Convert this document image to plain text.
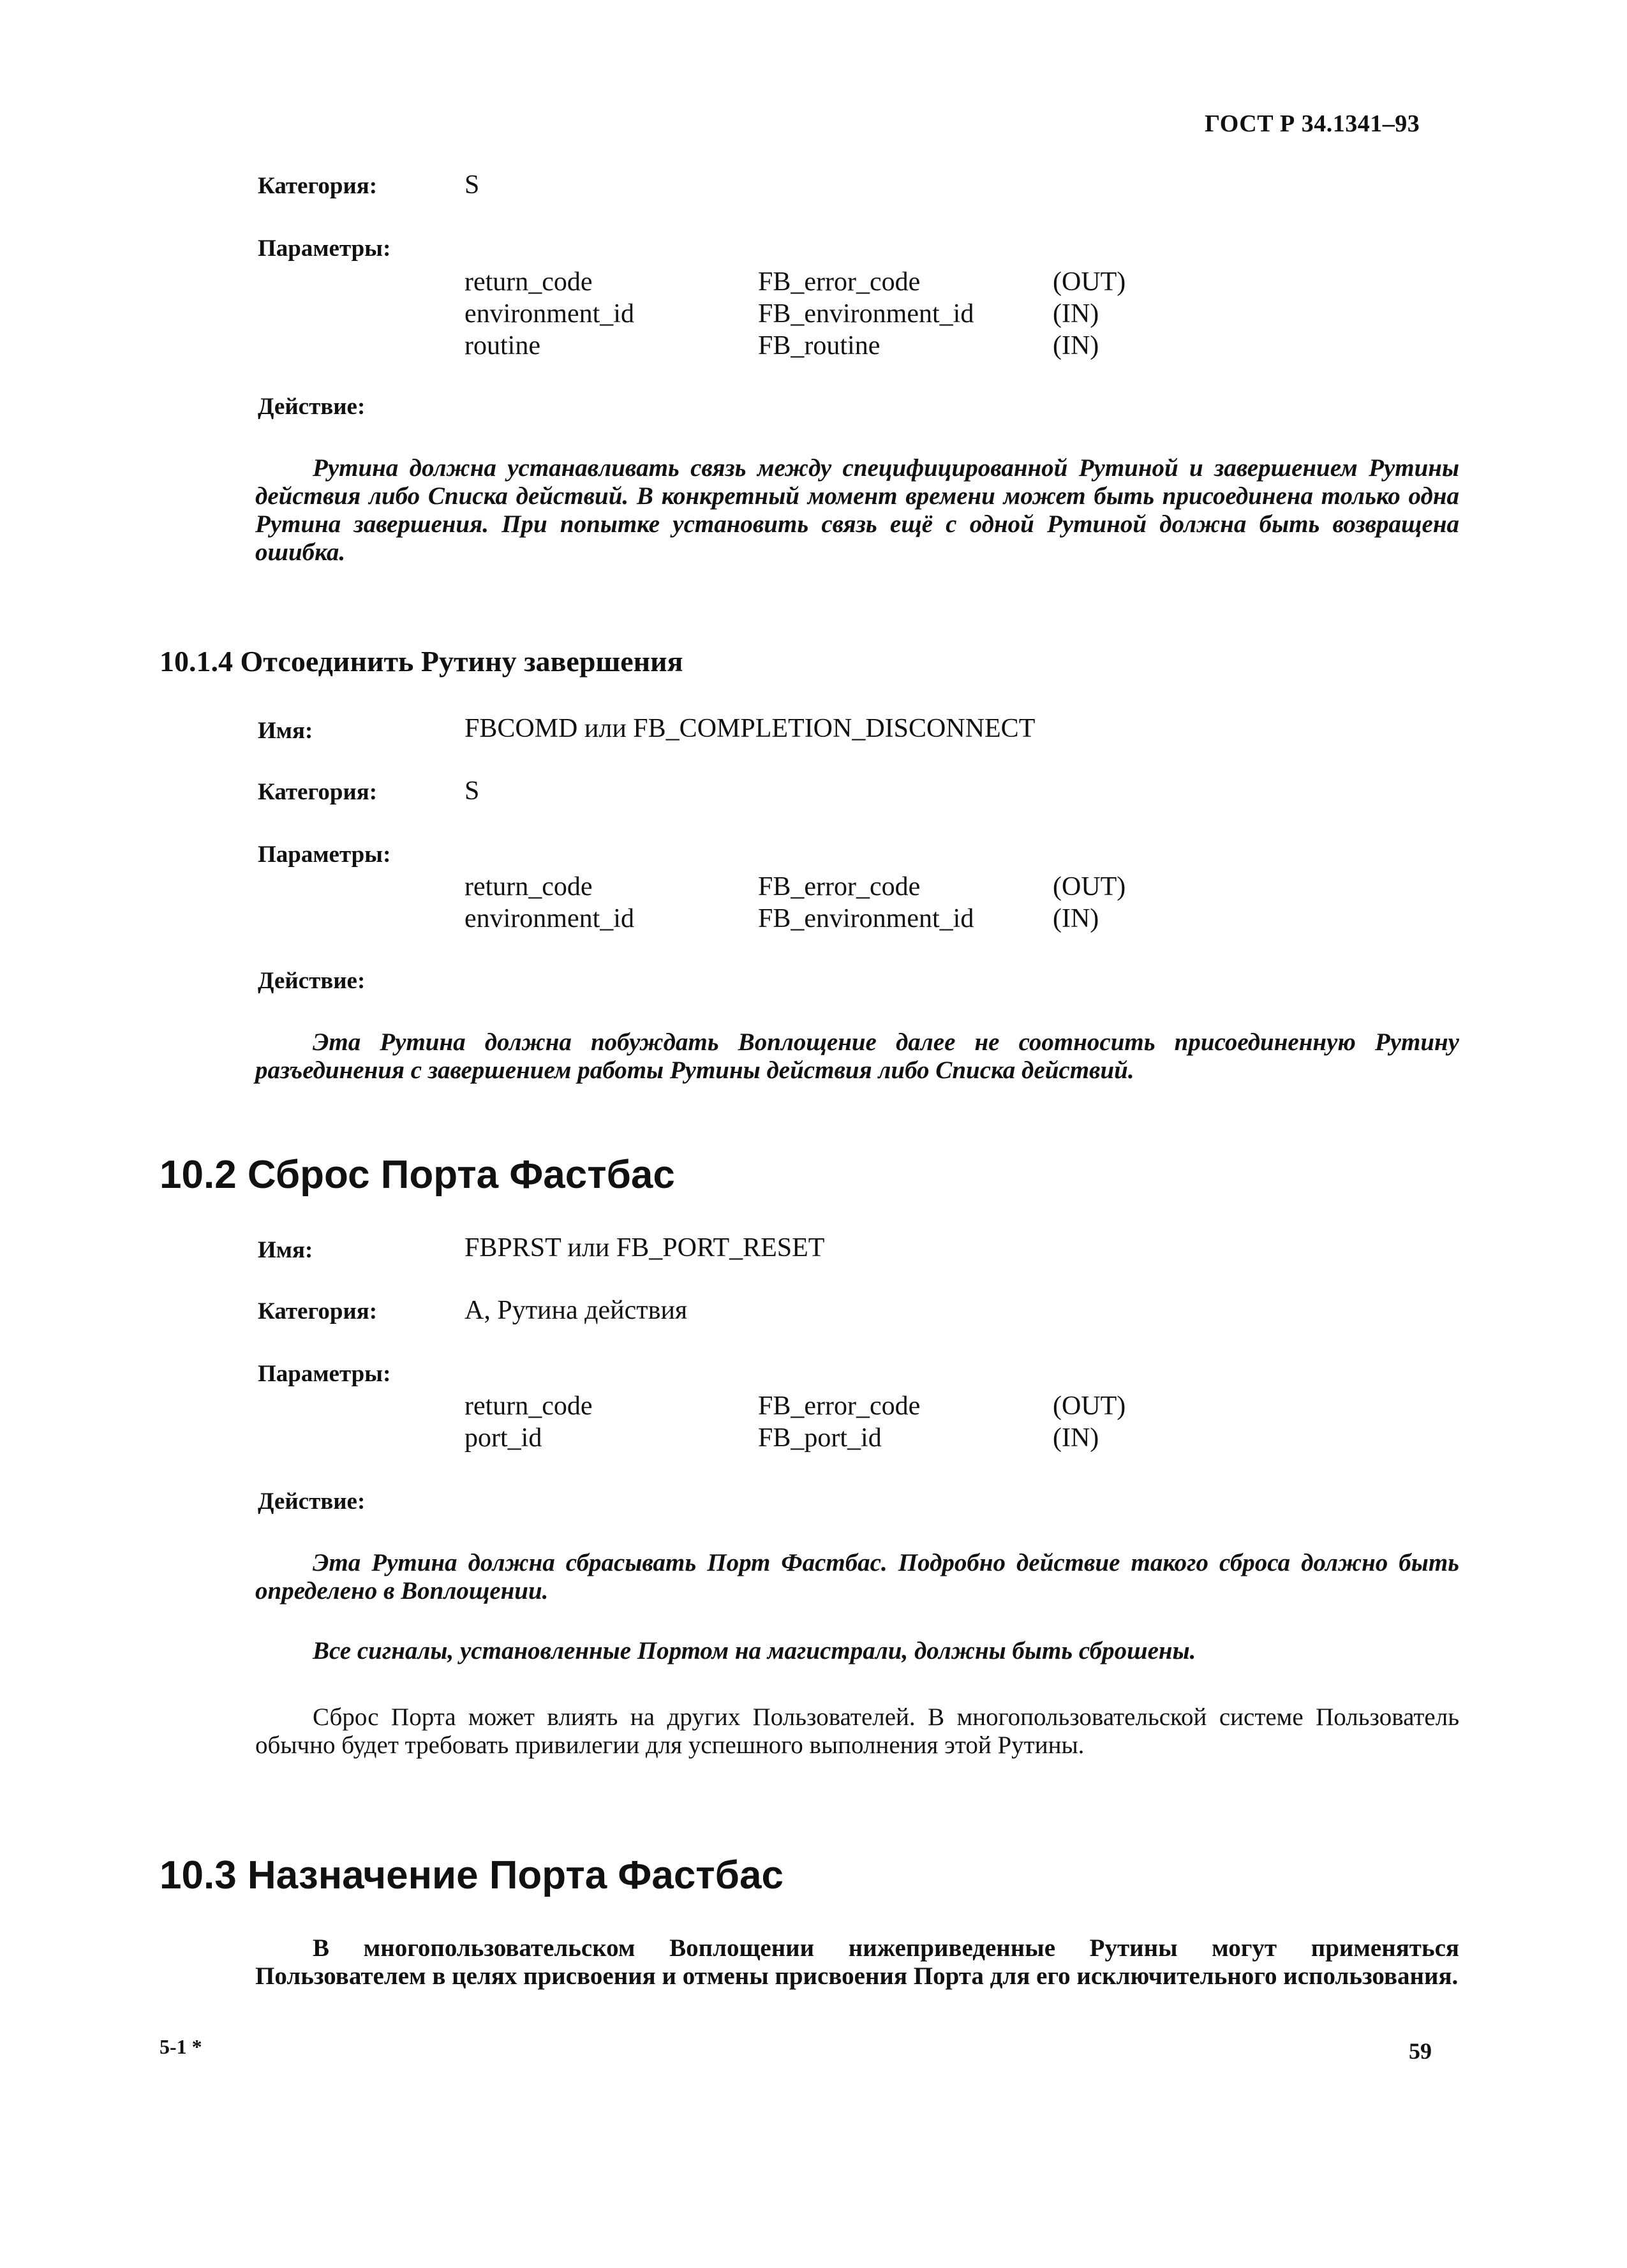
ГОСТ Р 34.1341–93
Категория:	S
Параметры:
return_code	FB_error_code	(OUT)
environment_id	FB_environment_id	(IN)
routine	FB_routine	(IN)
Действие:
Рутина должна устанавливать связь между специфицированной Рутиной и завершением Рутины действия либо Списка действий. В конкретный момент времени может быть присоединена только одна Рутина завершения. При попытке установить связь ещё с одной Рутиной должна быть возвращена ошибка.
10.1.4 Отсоединить Рутину завершения
Имя:	FBCOMD или FB_COMPLETION_DISCONNECT
Категория:	S
Параметры:
return_code	FB_error_code	(OUT)
environment_id	FB_environment_id	(IN)
Действие:
Эта Рутина должна побуждать Воплощение далее не соотносить присоединенную Рутину разъединения с завершением работы Рутины действия либо Списка действий.
10.2 Сброс Порта Фастбас
Имя:	FBPRST или FB_PORT_RESET
Категория:	A, Рутина действия
Параметры:
return_code	FB_error_code	(OUT)
port_id	FB_port_id	(IN)
Действие:
Эта Рутина должна сбрасывать Порт Фастбас. Подробно действие такого сброса должно быть определено в Воплощении.
Все сигналы, установленные Портом на магистрали, должны быть сброшены.
Сброс Порта может влиять на других Пользователей. В многопользовательской системе Пользователь обычно будет требовать привилегии для успешного выполнения этой Рутины.
10.3 Назначение Порта Фастбас
В многопользовательском Воплощении нижеприведенные Рутины могут применяться Пользователем в целях присвоения и отмены присвоения Порта для его исключительного использования.
5-1 *	59
